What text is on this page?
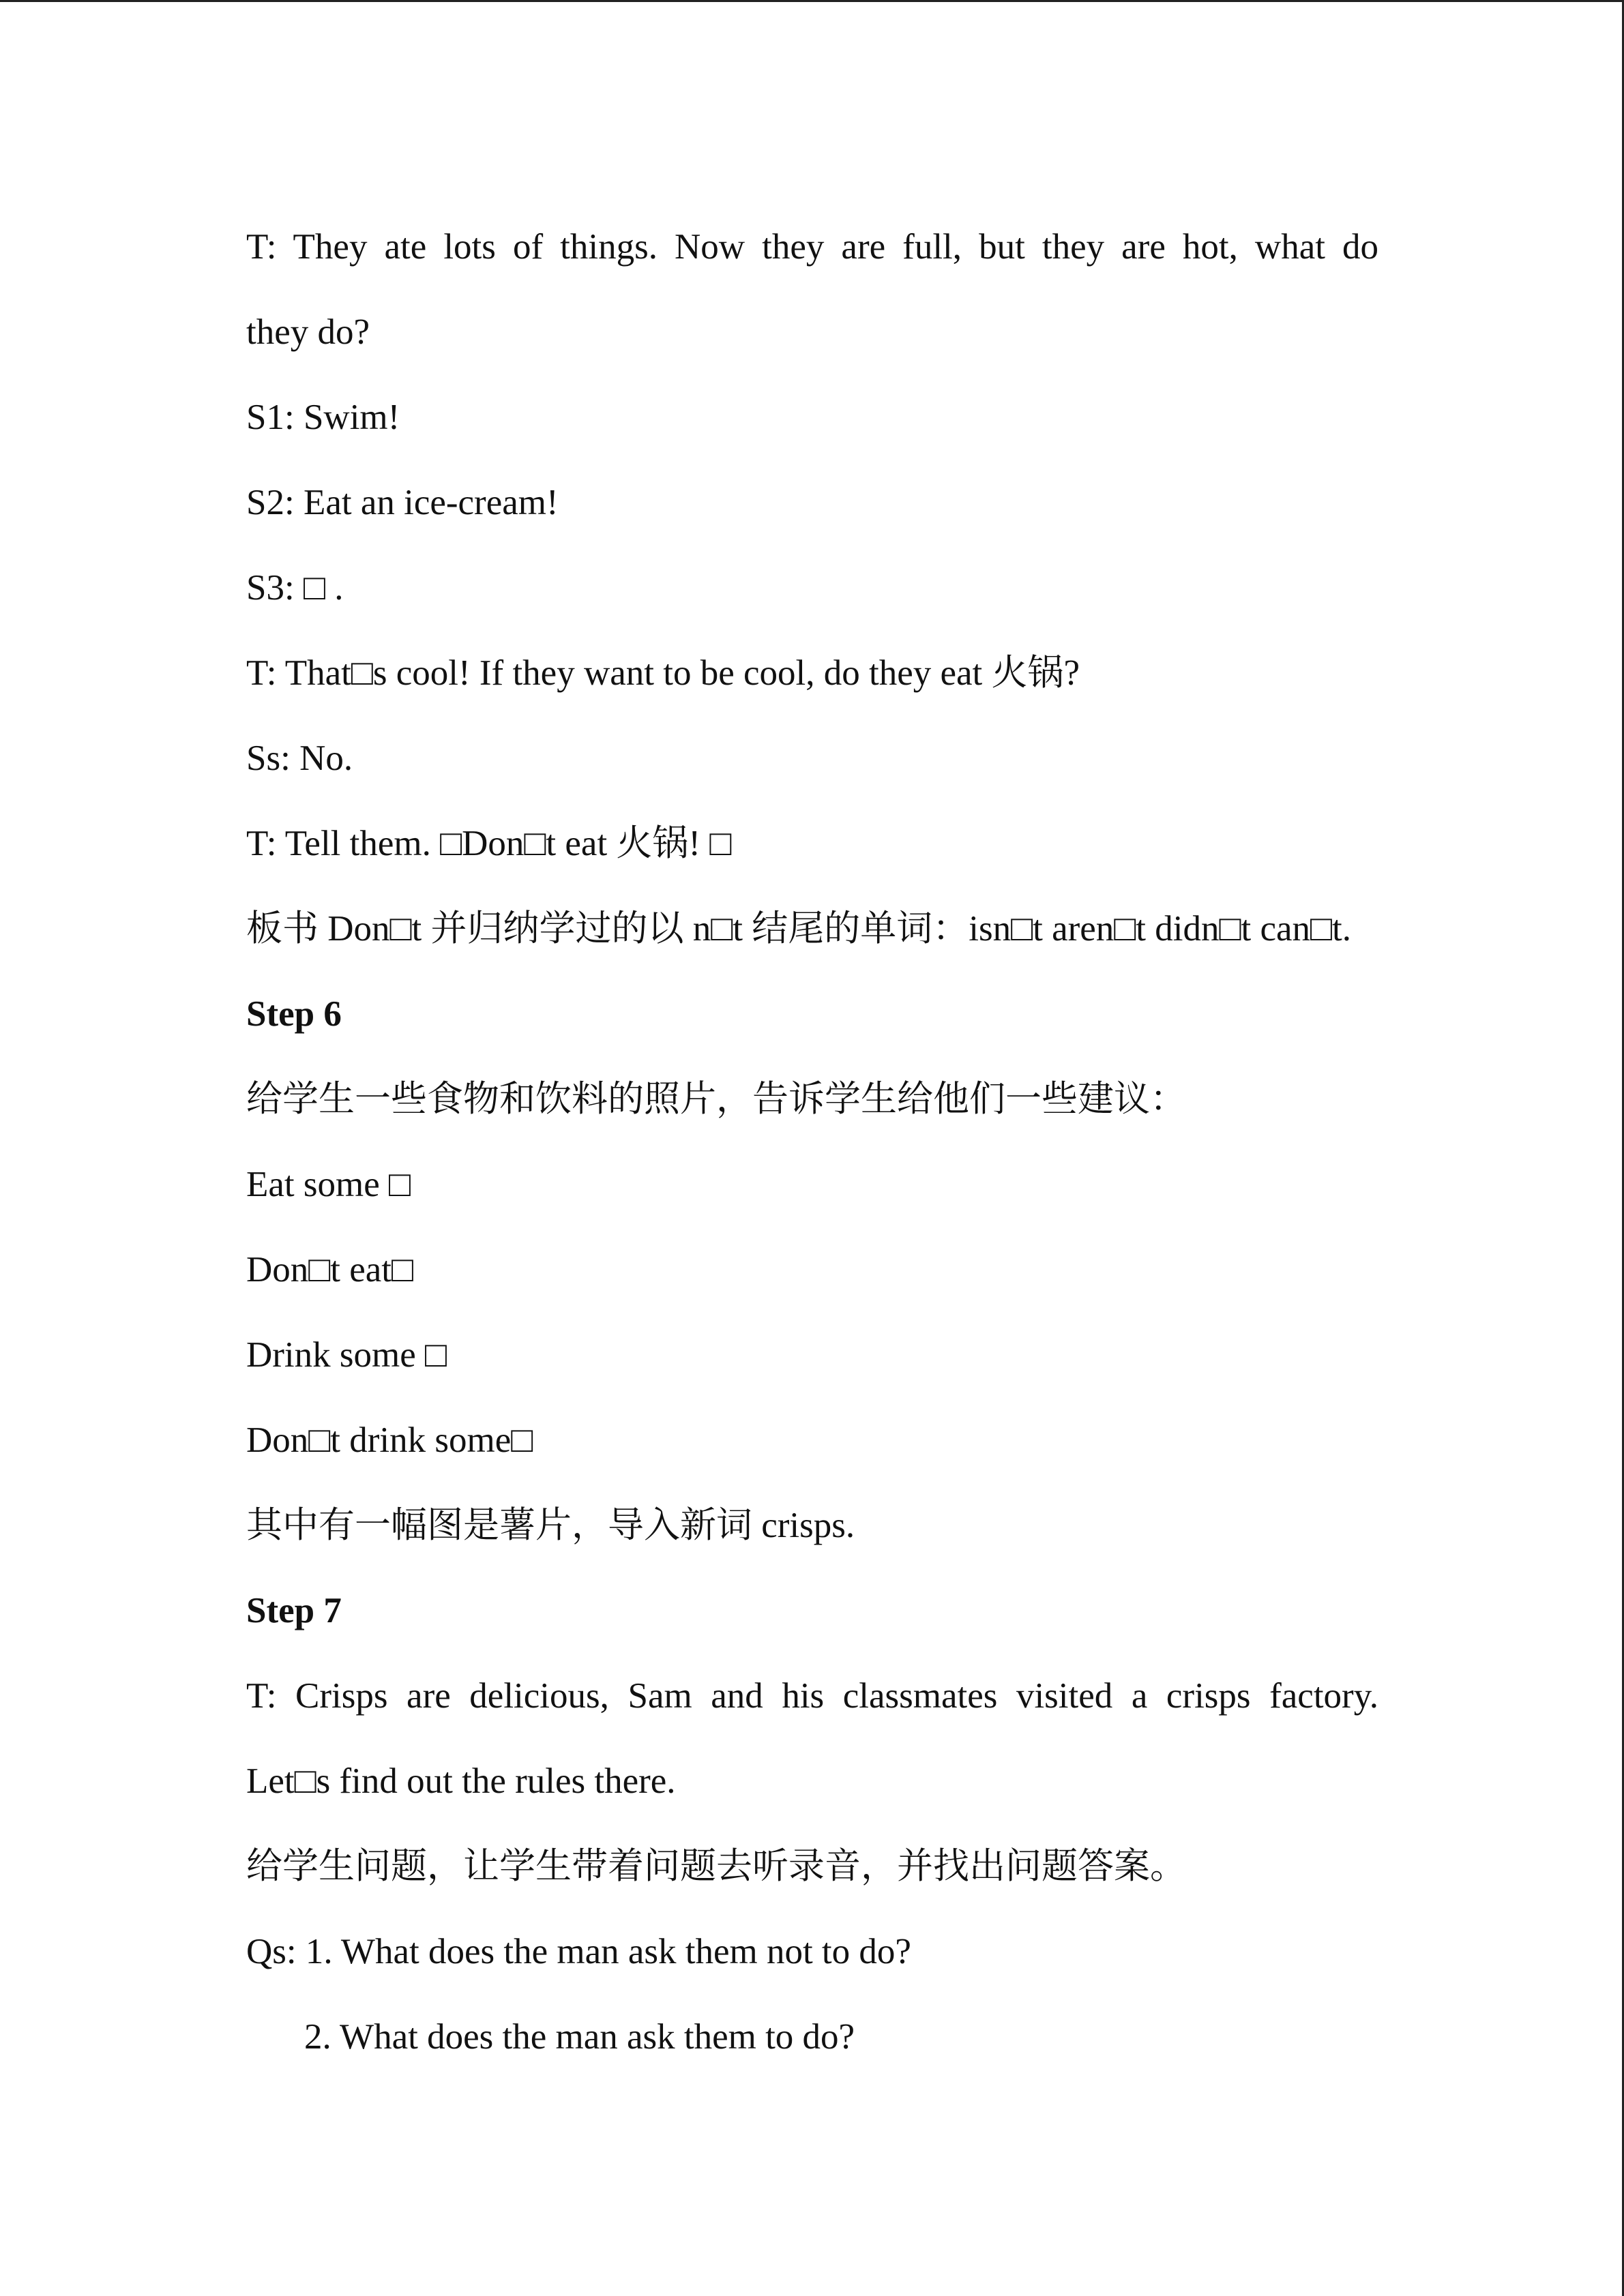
T: They ate lots of things. Now they are full, but they are hot, what do

they do?

S1: Swim!

S2: Eat an ice-cream!

S3: □ .

T: That□s cool! If they want to be cool, do they eat 火锅?

Ss: No.

T: Tell them. □Don□t eat 火锅! □

板书 Don□t 并归纳学过的以 n□t 结尾的单词：isn□t aren□t didn□t can□t.

Step 6

给学生一些食物和饮料的照片，告诉学生给他们一些建议：

Eat some □

Don□t eat□

Drink some □

Don□t drink some□

其中有一幅图是薯片，导入新词 crisps.

Step 7

T: Crisps are delicious, Sam and his classmates visited a crisps factory.

Let□s find out the rules there.

给学生问题，让学生带着问题去听录音，并找出问题答案。

Qs: 1. What does the man ask them not to do?

2. What does the man ask them to do?
